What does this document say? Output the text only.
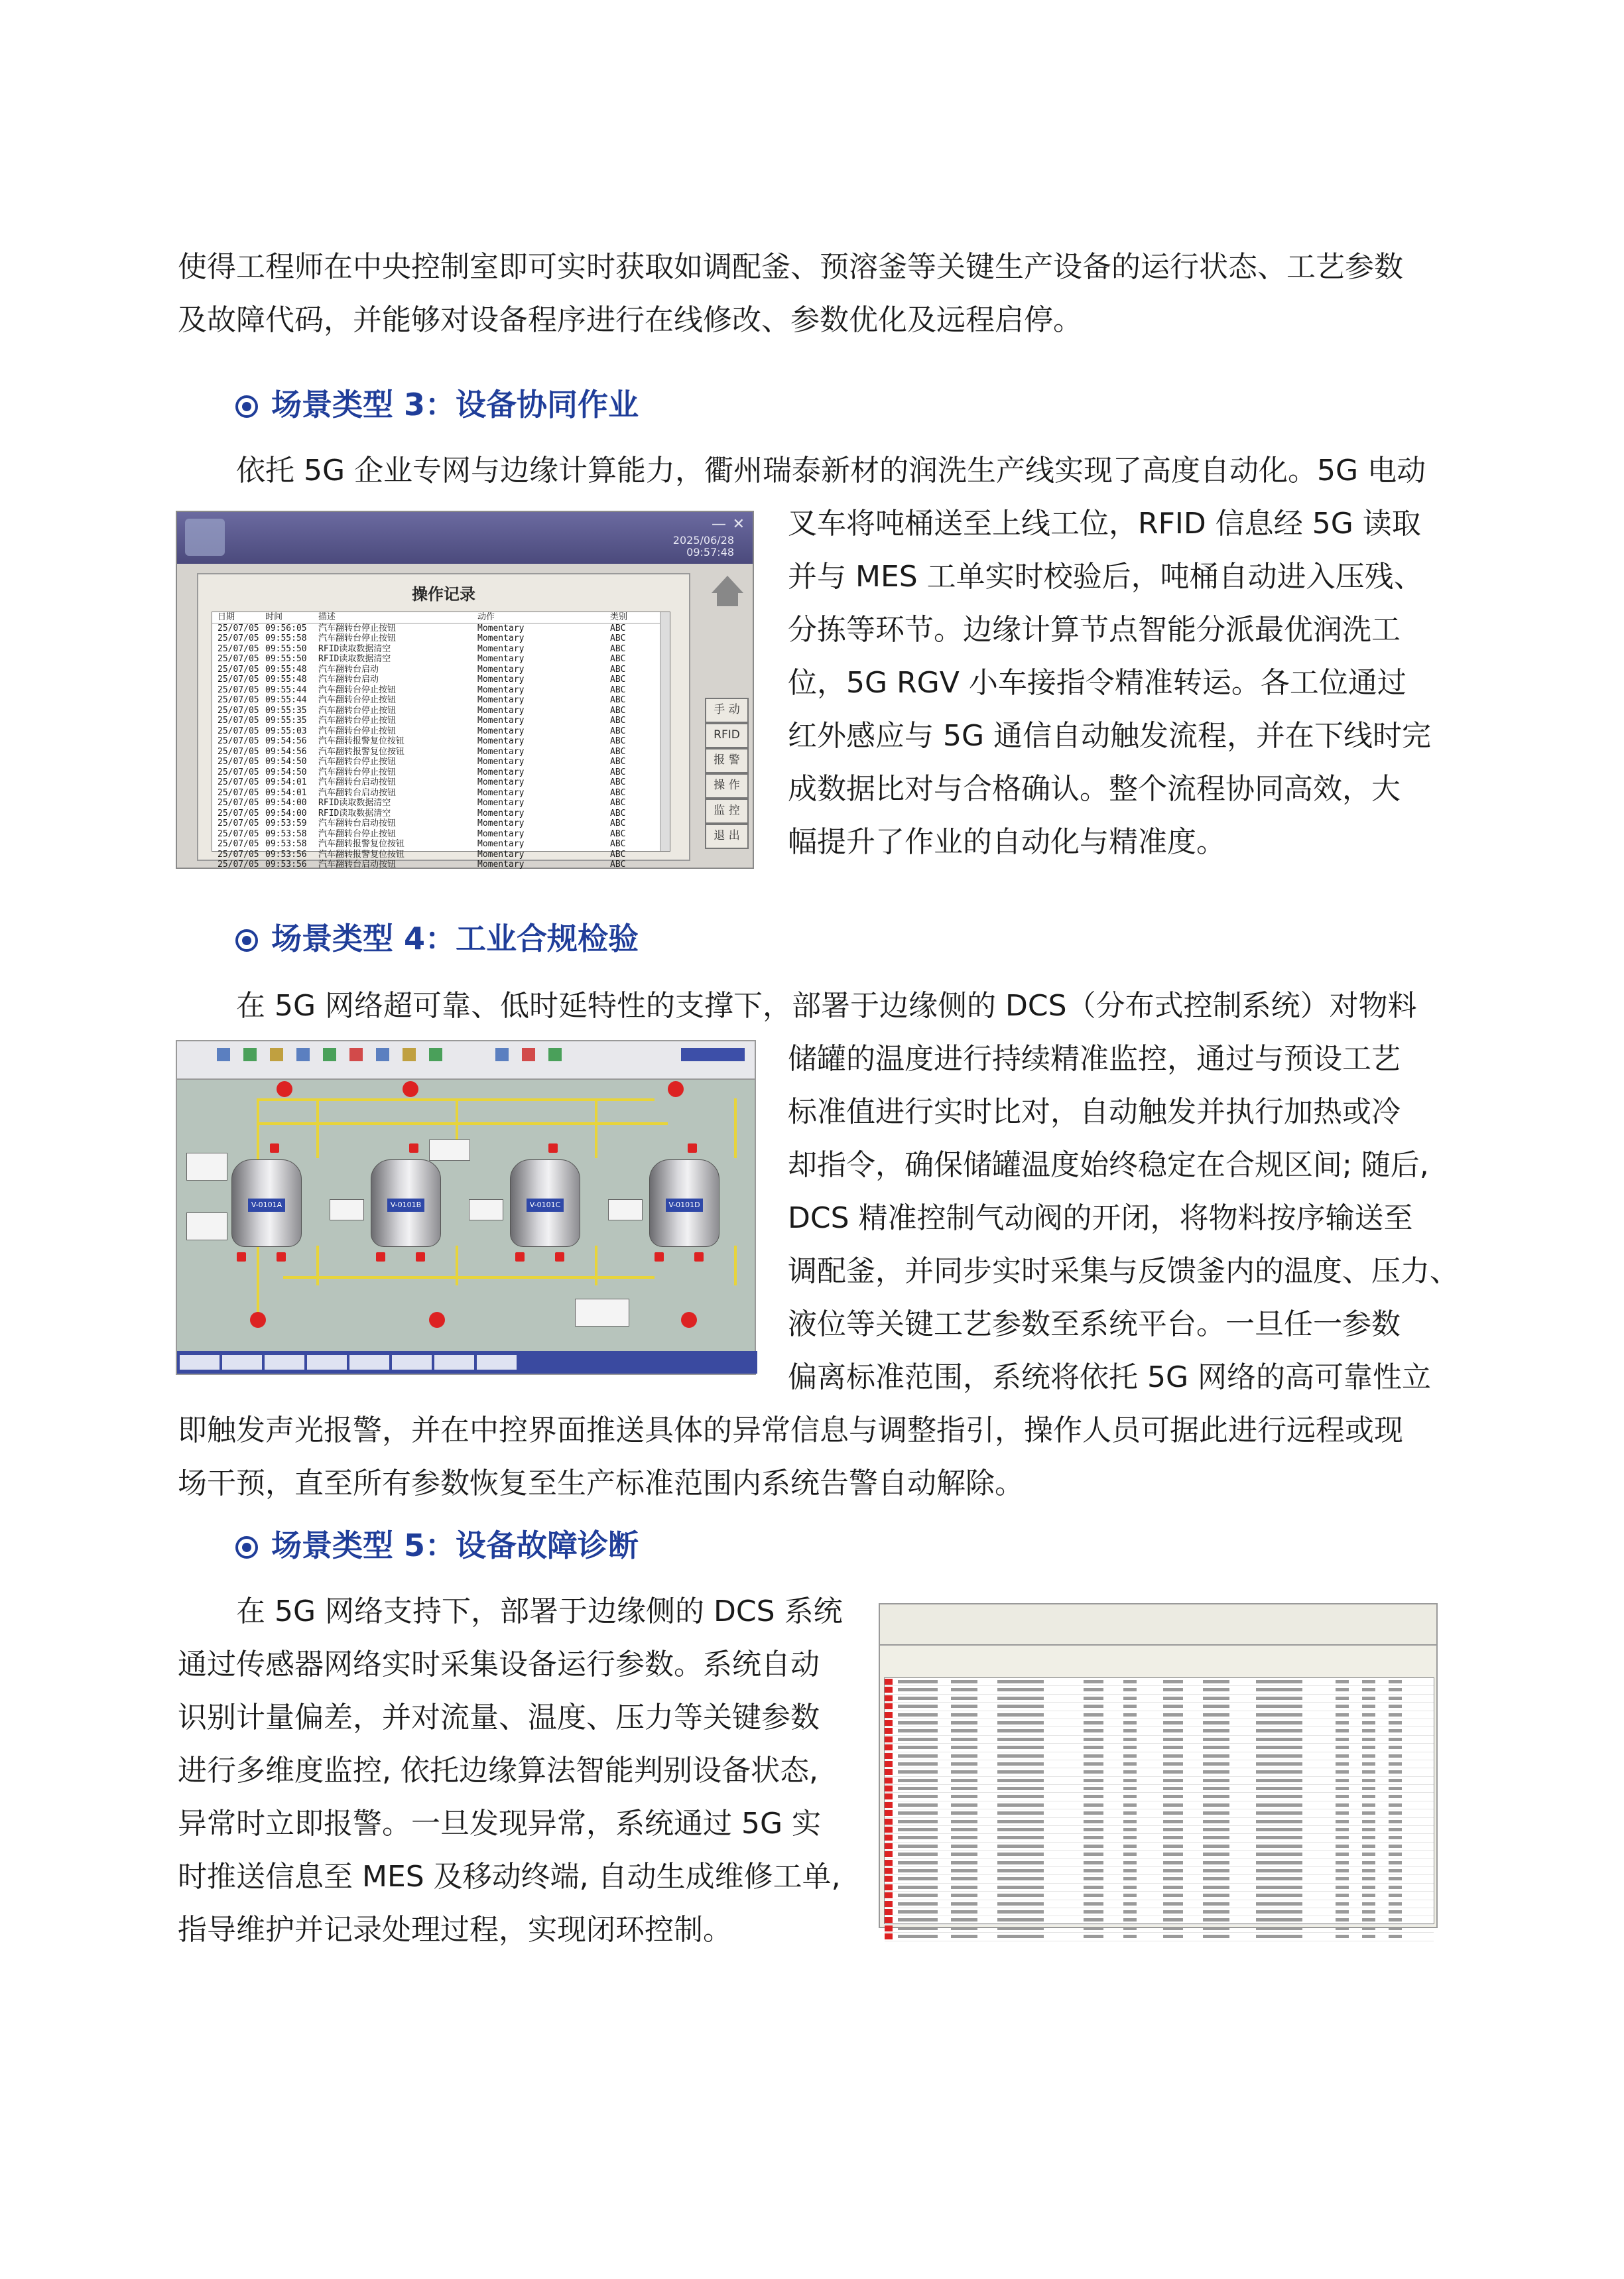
使得工程师在中央控制室即可实时获取如调配釜、预溶釜等关键生产设备的运行状态、工艺参数

及故障代码，并能够对设备程序进行在线修改、参数优化及远程启停。

场景类型 3：设备协同作业

依托 5G 企业专网与边缘计算能力，衢州瑞泰新材的润洗生产线实现了高度自动化。5G 电动

叉车将吨桶送至上线工位，RFID 信息经 5G 读取

并与 MES 工单实时校验后，吨桶自动进入压残、

分拣等环节。边缘计算节点智能分派最优润洗工

位，5G RGV 小车接指令精准转运。各工位通过

红外感应与 5G 通信自动触发流程，并在下线时完

成数据比对与合格确认。整个流程协同高效，大

幅提升了作业的自动化与精准度。

— ✕
2025/06/28
09:57:48
操作记录
日期	时间	描述	动作	类别
25/07/05 09:56:05	汽车翻转台停止按钮	Momentary	ABC
25/07/05 09:55:58	汽车翻转台停止按钮	Momentary	ABC
25/07/05 09:55:50	RFID读取数据清空	Momentary	ABC
25/07/05 09:55:50	RFID读取数据清空	Momentary	ABC
25/07/05 09:55:48	汽车翻转台启动	Momentary	ABC
25/07/05 09:55:48	汽车翻转台启动	Momentary	ABC
25/07/05 09:55:44	汽车翻转台停止按钮	Momentary	ABC
25/07/05 09:55:44	汽车翻转台停止按钮	Momentary	ABC
25/07/05 09:55:35	汽车翻转台停止按钮	Momentary	ABC
25/07/05 09:55:35	汽车翻转台停止按钮	Momentary	ABC
25/07/05 09:55:03	汽车翻转台停止按钮	Momentary	ABC
25/07/05 09:54:56	汽车翻转报警复位按钮	Momentary	ABC
25/07/05 09:54:56	汽车翻转报警复位按钮	Momentary	ABC
25/07/05 09:54:50	汽车翻转台停止按钮	Momentary	ABC
25/07/05 09:54:50	汽车翻转台停止按钮	Momentary	ABC
25/07/05 09:54:01	汽车翻转台启动按钮	Momentary	ABC
25/07/05 09:54:01	汽车翻转台启动按钮	Momentary	ABC
25/07/05 09:54:00	RFID读取数据清空	Momentary	ABC
25/07/05 09:54:00	RFID读取数据清空	Momentary	ABC
25/07/05 09:53:59	汽车翻转台启动按钮	Momentary	ABC
25/07/05 09:53:58	汽车翻转台停止按钮	Momentary	ABC
25/07/05 09:53:58	汽车翻转报警复位按钮	Momentary	ABC
25/07/05 09:53:56	汽车翻转报警复位按钮	Momentary	ABC
25/07/05 09:53:56	汽车翻转台启动按钮	Momentary	ABC
手 动
RFID
报 警
操 作
监 控
退 出

场景类型 4：工业合规检验

在 5G 网络超可靠、低时延特性的支撑下，部署于边缘侧的 DCS（分布式控制系统）对物料

储罐的温度进行持续精准监控，通过与预设工艺

标准值进行实时比对，自动触发并执行加热或冷

却指令，确保储罐温度始终稳定在合规区间; 随后,

DCS 精准控制气动阀的开闭，将物料按序输送至

调配釜，并同步实时采集与反馈釜内的温度、压力、

液位等关键工艺参数至系统平台。一旦任一参数

偏离标准范围，系统将依托 5G 网络的高可靠性立

即触发声光报警，并在中控界面推送具体的异常信息与调整指引，操作人员可据此进行远程或现

场干预，直至所有参数恢复至生产标准范围内系统告警自动解除。

V-0101A	V-0101B	V-0101C	V-0101D

场景类型 5：设备故障诊断

在 5G 网络支持下，部署于边缘侧的 DCS 系统

通过传感器网络实时采集设备运行参数。系统自动

识别计量偏差，并对流量、温度、压力等关键参数

进行多维度监控, 依托边缘算法智能判别设备状态,

异常时立即报警。一旦发现异常，系统通过 5G 实

时推送信息至 MES 及移动终端, 自动生成维修工单,

指导维护并记录处理过程，实现闭环控制。
